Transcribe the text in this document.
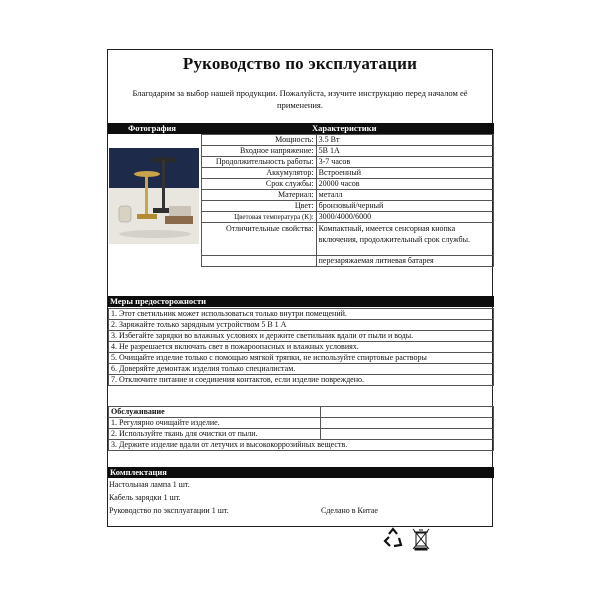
Руководство по эксплуатации
Благодарим за выбор нашей продукции. Пожалуйста, изучите инструкцию перед началом её применения.
Фотография	Характеристики
Мощность:	3.5 Вт
Входное напряжение:	5В 1А
Продолжительность работы:	3-7 часов
Аккумулятор:	Встроенный
Срок службы:	20000 часов
Материал:	металл
Цвет:	бронзовый/черный
Цветовая температура (K):	3000/4000/6000
Отличительные свойства:	Компактный, имеется сенсорная кнопка включения, продолжительный срок службы.
	перезаряжаемая литиевая батарея
Меры предосторожности
1. Этот светильник может использоваться только внутри помещений.
2. Заряжайте только зарядным устройством 5 В 1 А
3. Избегайте зарядки во влажных условиях и держите светильник вдали от пыли и воды.
4. Не разрешается включать свет в пожароопасных и влажных условиях.
5. Очищайте изделие только с помощью мягкой тряпки, не используйте спиртовые растворы
6. Доверяйте демонтаж изделия только специалистам.
7. Отключите питание и соединения контактов, если изделие повреждено.
Обслуживание	
1. Регулярно очищайте изделие.	
2. Используйте ткань для очистки от пыли.	
3. Держите изделие вдали от летучих и высококоррозийных веществ.	
Комплектация
Настольная лампа 1 шт.
Кабель зарядки 1 шт.
Руководство по эксплуатации 1 шт.	Сделано в Китае
